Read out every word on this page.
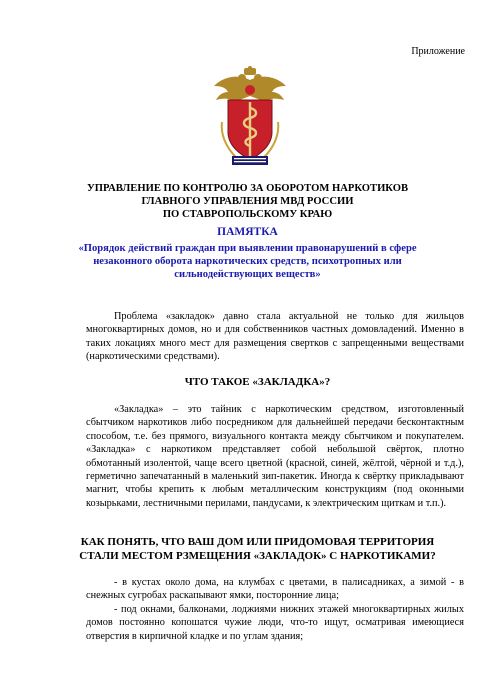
Приложение
УПРАВЛЕНИЕ ПО КОНТРОЛЮ ЗА ОБОРОТОМ НАРКОТИКОВ
ГЛАВНОГО УПРАВЛЕНИЯ МВД РОССИИ
ПО СТАВРОПОЛЬСКОМУ КРАЮ
ПАМЯТКА
«Порядок действий граждан при выявлении правонарушений в сфере незаконного оборота наркотических средств, психотропных или сильнодействующих веществ»

Проблема «закладок» давно стала актуальной не только для жильцов многоквартирных домов, но и для собственников частных домовладений. Именно в таких локациях много мест для размещения свертков с запрещенными веществами (наркотическими средствами).

ЧТО ТАКОЕ «ЗАКЛАДКА»?

«Закладка» – это тайник с наркотическим средством, изготовленный сбытчиком наркотиков либо посредником для дальнейшей передачи бесконтактным способом, т.е. без прямого, визуального контакта между сбытчиком и покупателем. «Закладка» с наркотиком представляет собой небольшой свёрток, плотно обмотанный изолентой, чаще всего цветной (красной, синей, жёлтой, чёрной и т.д.), герметично запечатанный в маленький зип-пакетик. Иногда к свёртку прикладывают магнит, чтобы крепить к любым металлическим конструкциям (под оконными козырьками, лестничными перилами, пандусами, к электрическим щиткам и т.п.).

КАК ПОНЯТЬ, ЧТО ВАШ ДОМ ИЛИ ПРИДОМОВАЯ ТЕРРИТОРИЯ СТАЛИ МЕСТОМ РЗМЕЩЕНИЯ «ЗАКЛАДОК» С НАРКОТИКАМИ?

- в кустах около дома, на клумбах с цветами, в палисадниках, а зимой - в снежных сугробах раскапывают ямки, посторонние лица;

- под окнами, балконами, лоджиями нижних этажей многоквартирных жилых домов постоянно копошатся чужие люди, что-то ищут, осматривая имеющиеся отверстия в кирпичной кладке и по углам здания;
